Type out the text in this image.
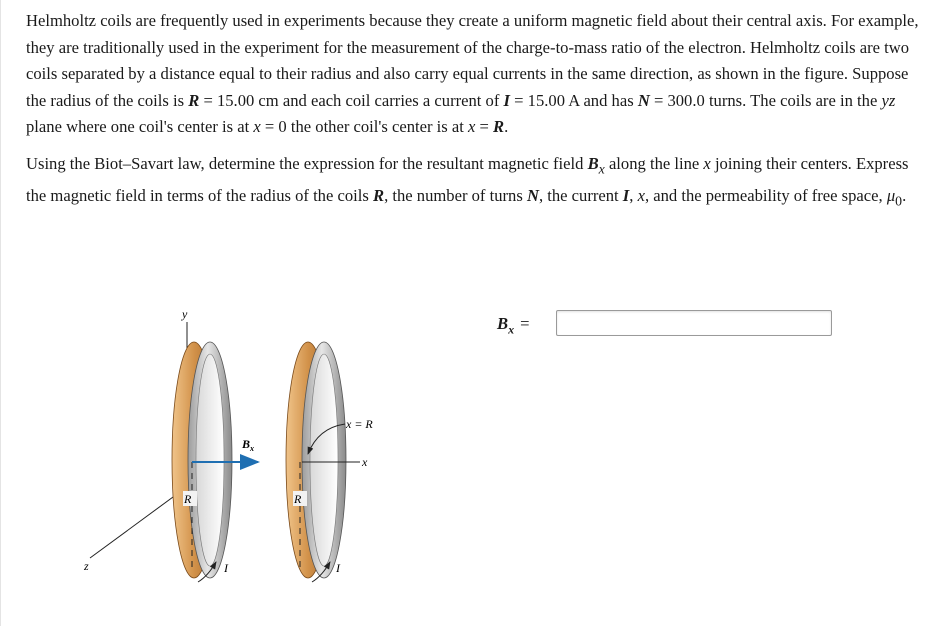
Helmholtz coils are frequently used in experiments because they create a uniform magnetic field about their central axis. For example, they are traditionally used in the experiment for the measurement of the charge-to-mass ratio of the electron. Helmholtz coils are two coils separated by a distance equal to their radius and also carry equal currents in the same direction, as shown in the figure. Suppose the radius of the coils is R = 15.00 cm and each coil carries a current of I = 15.00 A and has N = 300.0 turns. The coils are in the yz plane where one coil's center is at x = 0 the other coil's center is at x = R.

Using the Biot–Savart law, determine the expression for the resultant magnetic field $B_x$ along the line x joining their centers. Express the magnetic field in terms of the radius of the coils R, the number of turns N, the current I, x, and the permeability of free space, $\mu_0$.

z
y
R	R
x
$B_x$
x = R
I	I
$B_x$ =
